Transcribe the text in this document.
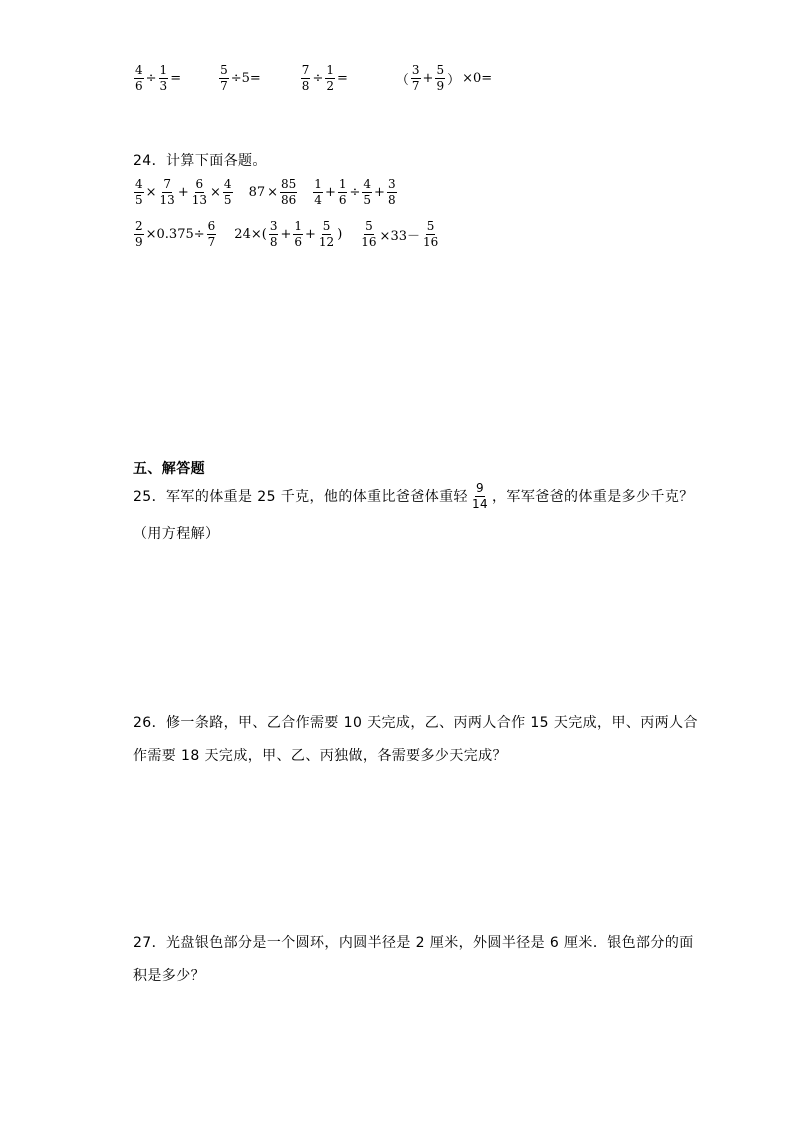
$\frac{4}{6} \div \frac{1}{3}$ =	$\frac{5}{7} \div 5=$	$\frac{7}{8} \div \frac{1}{2}$ =	（ $\frac{3}{7} + \frac{5}{9}$ ） ×0=
24．计算下面各题。
$\frac{4}{5} \times \frac{7}{13} + \frac{6}{13} \times \frac{4}{5} 87 \times \frac{85}{86} \frac{1}{4} + \frac{1}{6} \div \frac{4}{5} + \frac{3}{8}$
$\frac{2}{9} \times 0.375\div \frac{6}{7} 24\times( \frac{3}{8} + \frac{1}{6} + \frac{5}{12}$ ) $\frac{5}{16} \times 33- \frac{5}{16}$
五、解答题
25．军军的体重是 25 千克，他的体重比爸爸体重轻 $\frac{9}{14}$ ，军军爸爸的体重是多少千克？
（用方程解）
26．修一条路，甲、乙合作需要 10 天完成，乙、丙两人合作 15 天完成，甲、丙两人合
作需要 18 天完成，甲、乙、丙独做，各需要多少天完成？
27．光盘银色部分是一个圆环，内圆半径是 2 厘米，外圆半径是 6 厘米．银色部分的面
积是多少？
